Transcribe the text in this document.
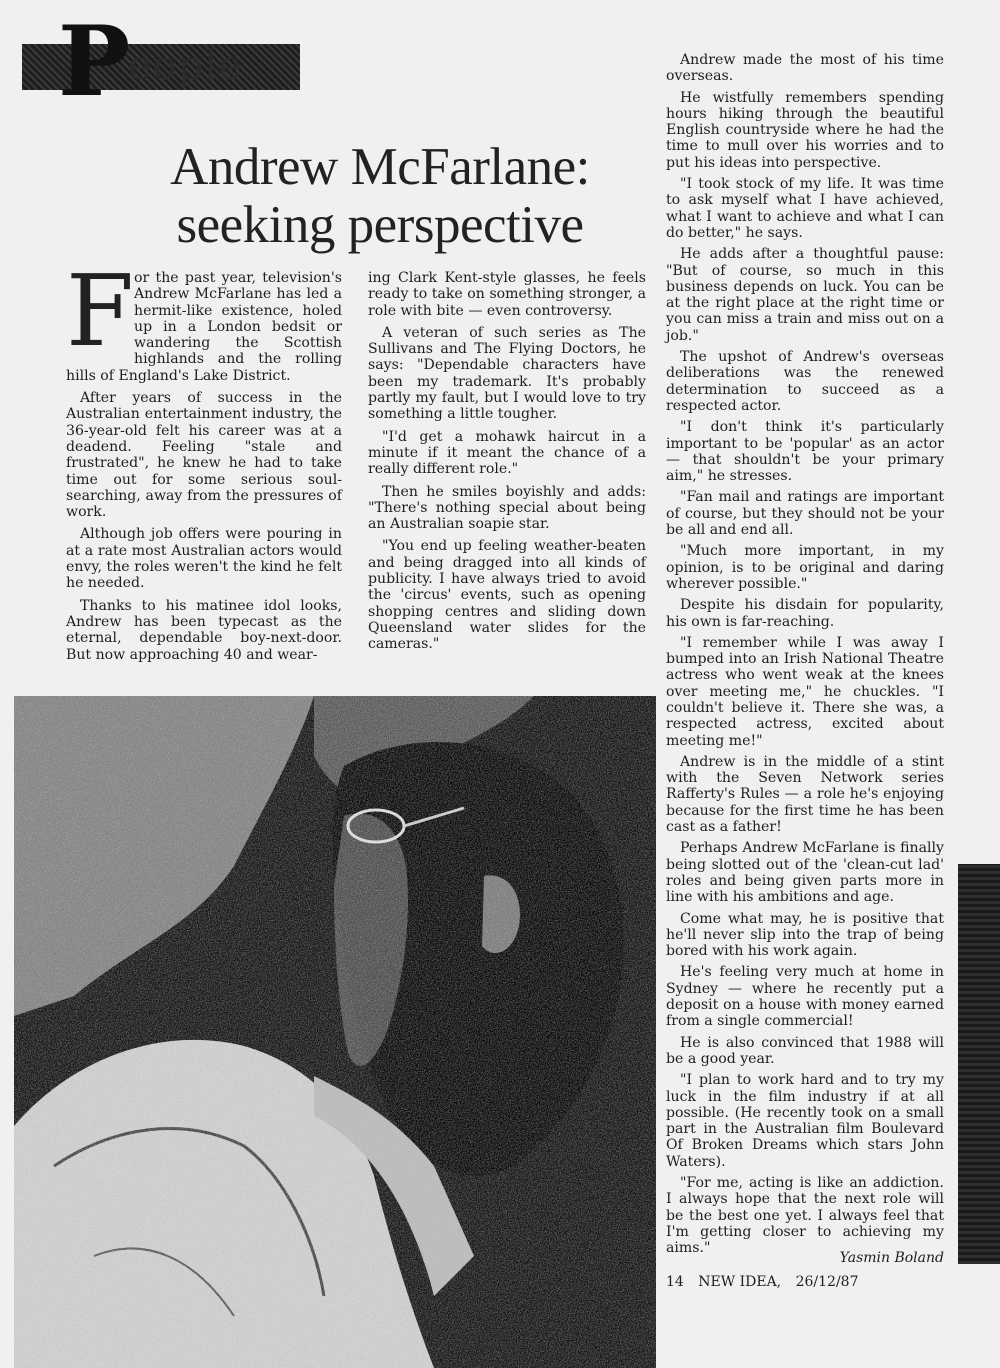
P
eople
Andrew McFarlane:
seeking perspective

For the past year, television's Andrew McFarlane has led a hermit-like existence, holed up in a London bedsit or wandering the Scottish highlands and the rolling hills of England's Lake District.

After years of success in the Australian entertainment industry, the 36-year-old felt his career was at a deadend. Feeling "stale and frustrated", he knew he had to take time out for some serious soul-searching, away from the pressures of work.

Although job offers were pouring in at a rate most Australian actors would envy, the roles weren't the kind he felt he needed.

Thanks to his matinee idol looks, Andrew has been typecast as the eternal, dependable boy-next-door. But now approaching 40 and wear-

ing Clark Kent-style glasses, he feels ready to take on something stronger, a role with bite — even controversy.

A veteran of such series as The Sullivans and The Flying Doctors, he says: "Dependable characters have been my trademark. It's probably partly my fault, but I would love to try something a little tougher.

"I'd get a mohawk haircut in a minute if it meant the chance of a really different role."

Then he smiles boyishly and adds: "There's nothing special about being an Australian soapie star.

"You end up feeling weather-beaten and being dragged into all kinds of publicity. I have always tried to avoid the 'circus' events, such as opening shopping centres and sliding down Queensland water slides for the cameras."

Andrew made the most of his time overseas.

He wistfully remembers spending hours hiking through the beautiful English countryside where he had the time to mull over his worries and to put his ideas into perspective.

"I took stock of my life. It was time to ask myself what I have achieved, what I want to achieve and what I can do better," he says.

He adds after a thoughtful pause: "But of course, so much in this business depends on luck. You can be at the right place at the right time or you can miss a train and miss out on a job."

The upshot of Andrew's overseas deliberations was the renewed determination to succeed as a respected actor.

"I don't think it's particularly important to be 'popular' as an actor — that shouldn't be your primary aim," he stresses.

"Fan mail and ratings are important of course, but they should not be your be all and end all.

"Much more important, in my opinion, is to be original and daring wherever possible."

Despite his disdain for popularity, his own is far-reaching.

"I remember while I was away I bumped into an Irish National Theatre actress who went weak at the knees over meeting me," he chuckles. "I couldn't believe it. There she was, a respected actress, excited about meeting me!"

Andrew is in the middle of a stint with the Seven Network series Rafferty's Rules — a role he's enjoying because for the first time he has been cast as a father!

Perhaps Andrew McFarlane is finally being slotted out of the 'clean-cut lad' roles and being given parts more in line with his ambitions and age.

Come what may, he is positive that he'll never slip into the trap of being bored with his work again.

He's feeling very much at home in Sydney — where he recently put a deposit on a house with money earned from a single commercial!

He is also convinced that 1988 will be a good year.

"I plan to work hard and to try my luck in the film industry if at all possible. (He recently took on a small part in the Australian film Boulevard Of Broken Dreams which stars John Waters).

"For me, acting is like an addiction. I always hope that the next role will be the best one yet. I always feel that I'm getting closer to achieving my aims."

Yasmin Boland
14 NEW IDEA, 26/12/87
